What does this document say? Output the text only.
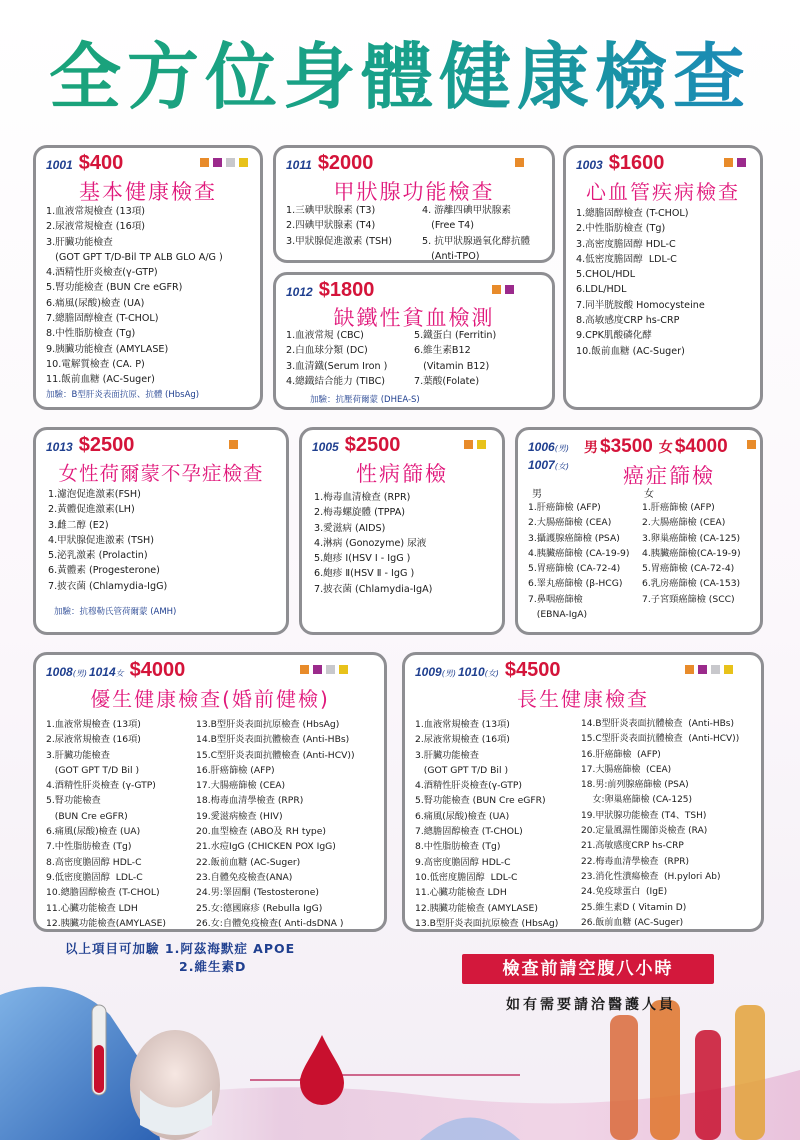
全方位身體健康檢查
1001 $400
基本健康檢查
1.血液常規檢查 (13項)
2.尿液常規檢查 (16項)
3.肝臟功能檢查
(GOT GPT T/D-Bil TP ALB GLO A/G )
4.酒精性肝炎檢查(γ-GTP)
5.腎功能檢查 (BUN Cre eGFR)
6.痛風(尿酸)檢查 (UA)
7.總膽固醇檢查 (T-CHOL)
8.中性脂肪檢查 (Tg)
9.胰臟功能檢查 (AMYLASE)
10.電解質檢查 (CA. P)
11.飯前血糖 (AC-Suger)
加驗：B型肝炎表面抗原、抗體 (HbsAg)
1011 $2000
甲狀腺功能檢查
1.三碘甲狀腺素 (T3)
2.四碘甲狀腺素 (T4)
3.甲狀腺促進激素 (TSH)
4. 游離四碘甲狀腺素
(Free T4)
5. 抗甲狀腺過氧化酵抗體
(Anti-TPO)
1012 $1800
缺鐵性貧血檢測
1.血液常規 (CBC)
2.白血球分類 (DC)
3.血清鐵(Serum Iron )
4.總鐵結合能力 (TIBC)
5.鐵蛋白 (Ferritin)
6.維生素B12
(Vitamin B12)
7.葉酸(Folate)
加驗：抗壓荷爾蒙 (DHEA-S)
1003 $1600
心血管疾病檢查
1.總膽固醇檢查 (T-CHOL)
2.中性脂肪檢查 (Tg)
3.高密度膽固醇 HDL-C
4.低密度膽固醇  LDL-C
5.CHOL/HDL
6.LDL/HDL
7.同半胱胺酸 Homocysteine
8.高敏感度CRP hs-CRP
9.CPK肌酸磷化酵
10.飯前血糖 (AC-Suger)
1013 $2500
女性荷爾蒙不孕症檢查
1.濾泡促進激素(FSH)
2.黃體促進激素(LH)
3.雌二醇 (E2)
4.甲狀腺促進激素 (TSH)
5.泌乳激素 (Prolactin)
6.黃體素 (Progesterone)
7.披衣菌 (Chlamydia-IgG)
加驗：抗穆勒氏管荷爾蒙 (AMH)
1005 $2500
性病篩檢
1.梅毒血清檢查 (RPR)
2.梅毒螺旋體 (TPPA)
3.愛滋病 (AIDS)
4.淋病 (Gonozyme) 尿液
5.皰疹 Ⅰ(HSV Ⅰ - IgG )
6.皰疹 Ⅱ(HSV Ⅱ - IgG )
7.披衣菌 (Chlamydia-IgA)
1006(男)
1007(女)
男 $3500 女 $4000
癌症篩檢
男	女
1.肝癌篩檢 (AFP)
2.大腸癌篩檢 (CEA)
3.攝護腺癌篩檢 (PSA)
4.胰臟癌篩檢 (CA-19-9)
5.胃癌篩檢 (CA-72-4)
6.睪丸癌篩檢 (β-HCG)
7.鼻咽癌篩檢
(EBNA-IgA)
1.肝癌篩檢 (AFP)
2.大腸癌篩檢 (CEA)
3.卵巢癌篩檢 (CA-125)
4.胰臟癌篩檢(CA-19-9)
5.胃癌篩檢 (CA-72-4)
6.乳房癌篩檢 (CA-153)
7.子宮頸癌篩檢 (SCC)
1008(男) 1014女 $4000
優生健康檢查(婚前健檢)
1.血液常規檢查 (13項)
2.尿液常規檢查 (16項)
3.肝臟功能檢查
(GOT GPT T/D Bil )
4.酒精性肝炎檢查 (γ-GTP)
5.腎功能檢查
(BUN Cre eGFR)
6.痛風(尿酸)檢查 (UA)
7.中性脂肪檢查 (Tg)
8.高密度膽固醇 HDL-C
9.低密度膽固醇  LDL-C
10.總膽固醇檢查 (T-CHOL)
11.心臟功能檢查 LDH
12.胰臟功能檢查(AMYLASE)
13.B型肝炎表面抗原檢查 (HbsAg)
14.B型肝炎表面抗體檢查 (Anti-HBs)
15.C型肝炎表面抗體檢查 (Anti-HCV))
16.肝癌篩檢 (AFP)
17.大腸癌篩檢 (CEA)
18.梅毒血清學檢查 (RPR)
19.愛滋病檢查 (HIV)
20.血型檢查 (ABO及 RH type)
21.水痘IgG (CHICKEN POX IgG)
22.飯前血糖 (AC-Suger)
23.自體免疫檢查(ANA)
24.男:睪固酮 (Testosterone)
25.女:德國麻疹 (Rebulla IgG)
26.女:自體免疫檢查( Anti-dsDNA )
1009(男) 1010(女) $4500
長生健康檢查
1.血液常規檢查 (13項)
2.尿液常規檢查 (16項)
3.肝臟功能檢查
(GOT GPT T/D Bil )
4.酒精性肝炎檢查(γ-GTP)
5.腎功能檢查 (BUN Cre eGFR)
6.痛風(尿酸)檢查 (UA)
7.總膽固醇檢查 (T-CHOL)
8.中性脂肪檢查 (Tg)
9.高密度膽固醇 HDL-C
10.低密度膽固醇  LDL-C
11.心臟功能檢查 LDH
12.胰臟功能檢查 (AMYLASE)
13.B型肝炎表面抗原檢查 (HbsAg)
14.B型肝炎表面抗體檢查  (Anti-HBs)
15.C型肝炎表面抗體檢查  (Anti-HCV))
16.肝癌篩檢  (AFP)
17.大腸癌篩檢  (CEA)
18.男:前列腺癌篩檢 (PSA)
女:卵巢癌篩檢 (CA-125)
19.甲狀腺功能檢查 (T4、TSH)
20.定量風濕性關節炎檢查 (RA)
21.高敏感度CRP hs-CRP
22.梅毒血清學檢查  (RPR)
23.消化性潰瘍檢查  (H.pylori Ab)
24.免疫球蛋白  (IgE)
25.維生素D ( Vitamin D)
26.飯前血糖 (AC-Suger)
以上項目可加驗 1.阿茲海默症 APOE
2.維生素D	檢查前請空腹八小時
如有需要請洽醫護人員
